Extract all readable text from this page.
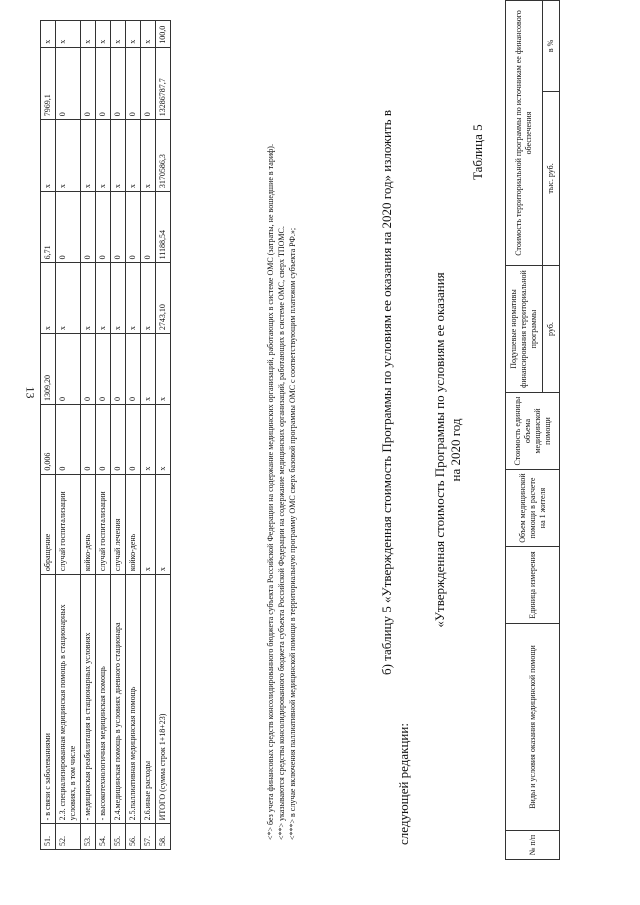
13
51.	- в связи с заболеваниями	обращение	0,006	1309,20	х	6,71	х	7969,1	х
52.	2.3. специализированная медицинская помощь в стационарных условиях, в том числе	случай госпитализации	0	0	х	0	х	0	х
53.	- медицинская реабилитация в стационарных условиях	койко-день	0	0	х	0	х	0	х
54.	- высокотехнологичная медицинская помощь	случай госпитализации	0	0	х	0	х	0	х
55.	2.4.медицинская помощь в условиях дневного стационара	случай лечения	0	0	х	0	х	0	х
56.	2.5.паллиативная медицинская помощь	койко-день	0	0	х	0	х	0	х
57.	2.6.иные расходы	х	х	х	х	0	х	0	х
58.	ИТОГО (сумма строк 1+18+23)	х	х	х	2743,10	11188,54	3170586,3	13286787,7	100,0

<*> без учета финансовых средств консолидированного бюджета субъекта Российской Федерации на содержание медицинских организаций, работающих в системе ОМС (затраты, не вошедшие в тариф). <**> указываются средства консолидированного бюджета субъекта Российской Федерации на содержание медицинских организаций, работающих в системе ОМС, сверх ТПОМС. <***> в случае включения паллиативной медицинской помощи в территориальную программу ОМС сверх базовой программы ОМС с соответствующим платежом субъекта РФ.»;	б) таблицу 5 «Утвержденная стоимость Программы по условиям ее оказания на 2020 год» изложить в следующей редакции:

«Утвержденная стоимость Программы по условиям ее оказания на 2020 год
Таблица 5
№ п/п	Виды и условия оказания медицинской помощи	Единица измерения	Объем медицинской помощи в расчете на 1 жителя	Стоимость единицы объема медицинской помощи	Подушевые нормативы финансирования территориальной программы	Стоимость территориальной программы по источникам ее финансового обеспечения	
					руб.	тыс. руб.	в %
